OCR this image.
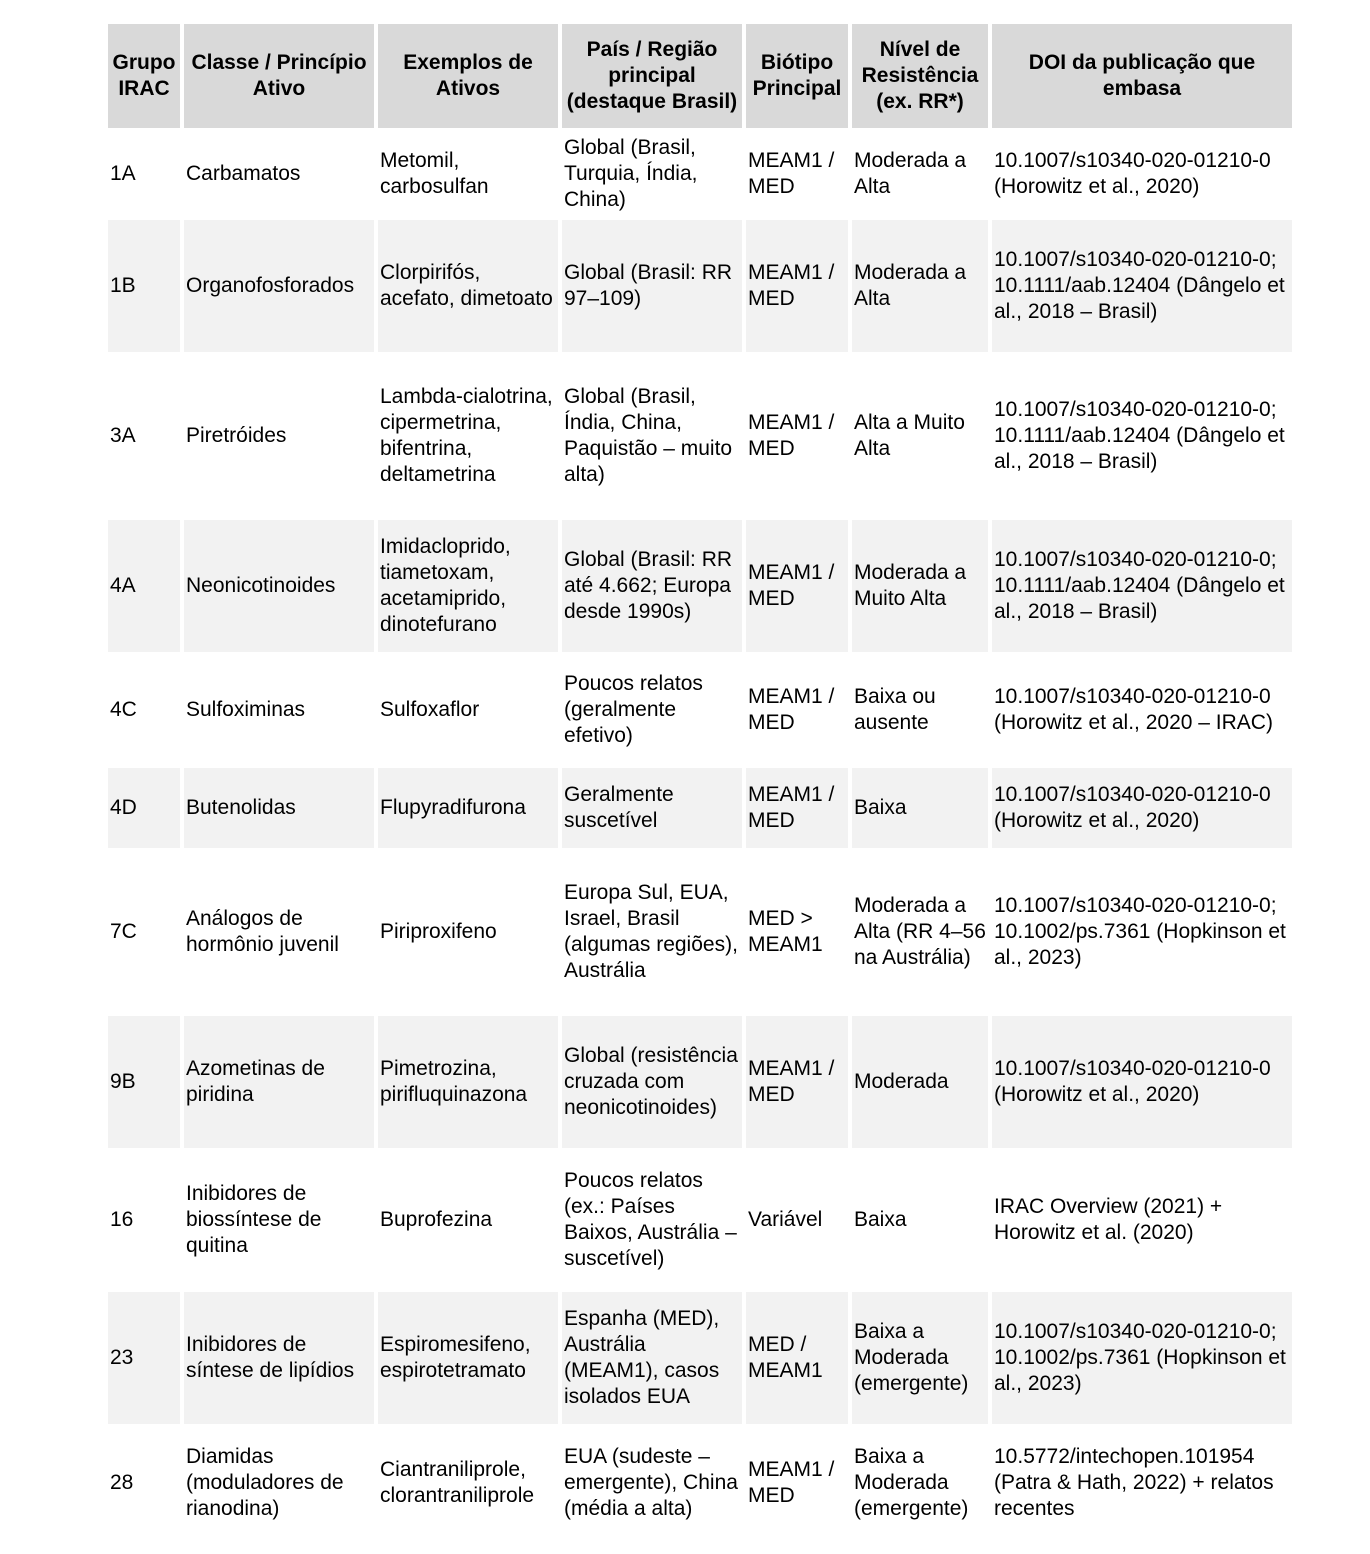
Grupo IRAC	Classe / Princípio Ativo	Exemplos de Ativos	País / Região principal (destaque Brasil)	Biótipo Principal	Nível de Resistência (ex. RR*)	DOI da publicação que embasa
1A	Carbamatos	Metomil, carbosulfan	Global (Brasil, Turquia, Índia, China)	MEAM1 / MED	Moderada a Alta	10.1007/s10340-020-01210-0 (Horowitz et al., 2020)
1B	Organofosforados	Clorpirifós, acefato, dimetoato	Global (Brasil: RR 97–109)	MEAM1 / MED	Moderada a Alta	10.1007/s10340-020-01210-0; 10.1111/aab.12404 (Dângelo et al., 2018 – Brasil)
3A	Piretróides	Lambda-cialotrina, cipermetrina, bifentrina, deltametrina	Global (Brasil, Índia, China, Paquistão – muito alta)	MEAM1 / MED	Alta a Muito Alta	10.1007/s10340-020-01210-0; 10.1111/aab.12404 (Dângelo et al., 2018 – Brasil)
4A	Neonicotinoides	Imidacloprido, tiametoxam, acetamiprido, dinotefurano	Global (Brasil: RR até 4.662; Europa desde 1990s)	MEAM1 / MED	Moderada a Muito Alta	10.1007/s10340-020-01210-0; 10.1111/aab.12404 (Dângelo et al., 2018 – Brasil)
4C	Sulfoximinas	Sulfoxaflor	Poucos relatos (geralmente efetivo)	MEAM1 / MED	Baixa ou ausente	10.1007/s10340-020-01210-0 (Horowitz et al., 2020 – IRAC)
4D	Butenolidas	Flupyradifurona	Geralmente suscetível	MEAM1 / MED	Baixa	10.1007/s10340-020-01210-0 (Horowitz et al., 2020)
7C	Análogos de hormônio juvenil	Piriproxifeno	Europa Sul, EUA, Israel, Brasil (algumas regiões), Austrália	MED > MEAM1	Moderada a Alta (RR 4–56 na Austrália)	10.1007/s10340-020-01210-0; 10.1002/ps.7361 (Hopkinson et al., 2023)
9B	Azometinas de piridina	Pimetrozina, pirifluquinazona	Global (resistência cruzada com neonicotinoides)	MEAM1 / MED	Moderada	10.1007/s10340-020-01210-0 (Horowitz et al., 2020)
16	Inibidores de biossíntese de quitina	Buprofezina	Poucos relatos (ex.: Países Baixos, Austrália – suscetível)	Variável	Baixa	IRAC Overview (2021) + Horowitz et al. (2020)
23	Inibidores de síntese de lipídios	Espiromesifeno, espirotetramato	Espanha (MED), Austrália (MEAM1), casos isolados EUA	MED / MEAM1	Baixa a Moderada (emergente)	10.1007/s10340-020-01210-0; 10.1002/ps.7361 (Hopkinson et al., 2023)
28	Diamidas (moduladores de rianodina)	Ciantraniliprole, clorantraniliprole	EUA (sudeste – emergente), China (média a alta)	MEAM1 / MED	Baixa a Moderada (emergente)	10.5772/intechopen.101954 (Patra & Hath, 2022) + relatos recentes
